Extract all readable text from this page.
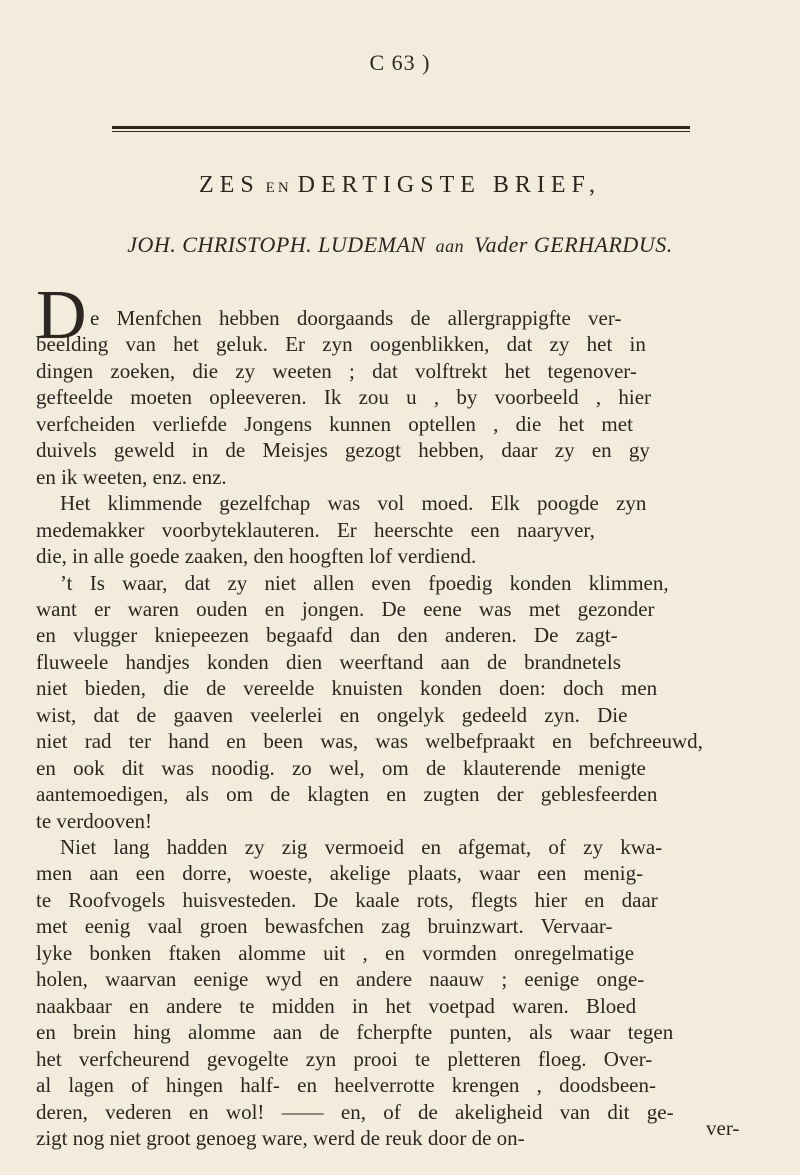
C 63 )
ZES EN DERTIGSTE BRIEF,
JOH. CHRISTOPH. LUDEMAN aan Vader GERHARDUS.
D e Menfchen hebben doorgaands de allergrappigfte ver-
beelding van het geluk. Er zyn oogenblikken, dat zy het in
dingen zoeken, die zy weeten ; dat volftrekt het tegenover-
gefteelde moeten opleeveren. Ik zou u , by voorbeeld , hier
verfcheiden verliefde Jongens kunnen optellen , die het met
duivels geweld in de Meisjes gezogt hebben, daar zy en gy
en ik weeten, enz. enz.
Het klimmende gezelfchap was vol moed. Elk poogde zyn
medemakker voorbyteklauteren. Er heerschte een naaryver,
die, in alle goede zaaken, den hoogften lof verdiend.
’t Is waar, dat zy niet allen even fpoedig konden klimmen,
want er waren ouden en jongen. De eene was met gezonder
en vlugger kniepeezen begaafd dan den anderen. De zagt-
fluweele handjes konden dien weerftand aan de brandnetels
niet bieden, die de vereelde knuisten konden doen: doch men
wist, dat de gaaven veelerlei en ongelyk gedeeld zyn. Die
niet rad ter hand en been was, was welbefpraakt en befchreeuwd,
en ook dit was noodig. zo wel, om de klauterende menigte
aantemoedigen, als om de klagten en zugten der geblesfeerden
te verdooven!
Niet lang hadden zy zig vermoeid en afgemat, of zy kwa-
men aan een dorre, woeste, akelige plaats, waar een menig-
te Roofvogels huisvesteden. De kaale rots, flegts hier en daar
met eenig vaal groen bewasfchen zag bruinzwart. Vervaar-
lyke bonken ftaken alomme uit , en vormden onregelmatige
holen, waarvan eenige wyd en andere naauw ; eenige onge-
naakbaar en andere te midden in het voetpad waren. Bloed
en brein hing alomme aan de fcherpfte punten, als waar tegen
het verfcheurend gevogelte zyn prooi te pletteren floeg. Over-
al lagen of hingen half- en heelverrotte krengen , doodsbeen-
deren, vederen en wol! —— en, of de akeligheid van dit ge-
zigt nog niet groot genoeg ware, werd de reuk door de on-	ver-
